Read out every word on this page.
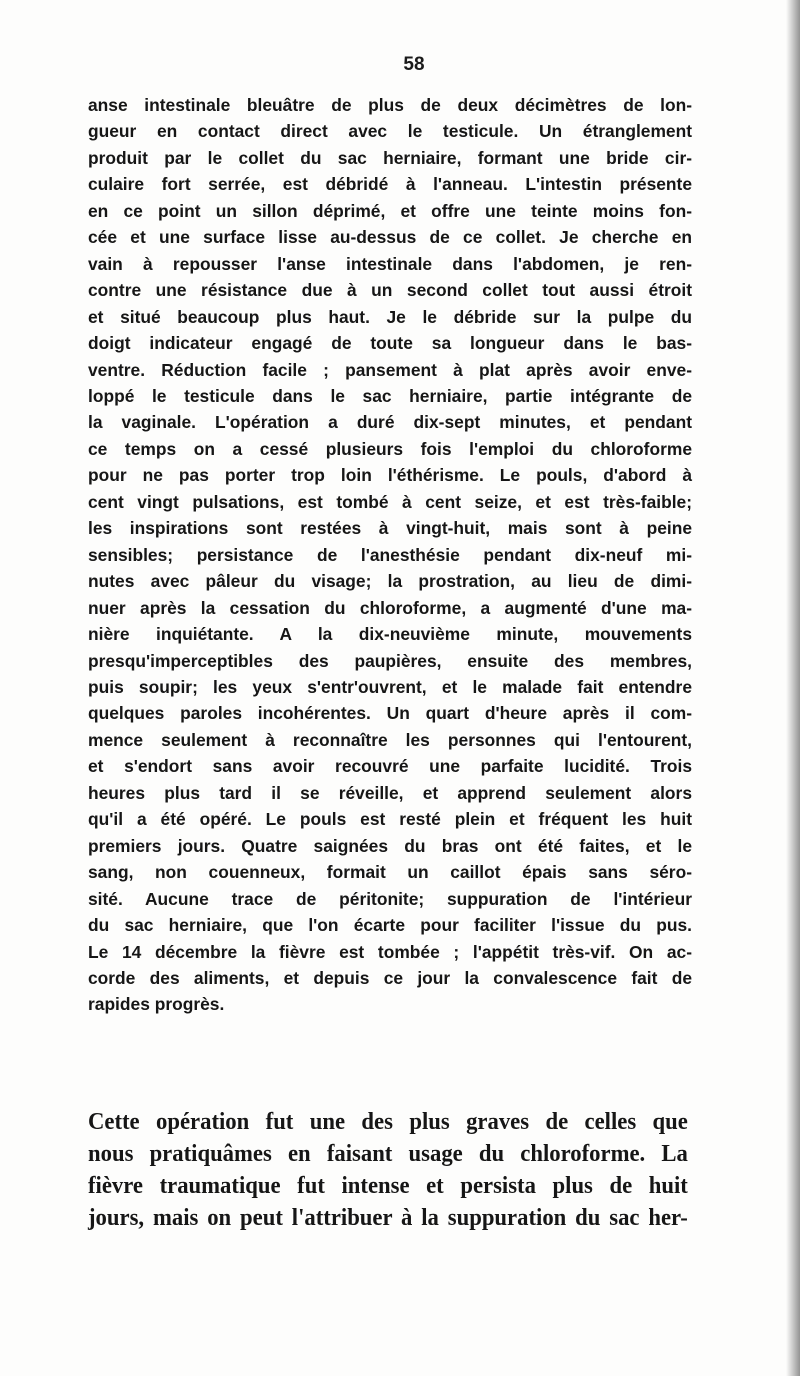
58
anse intestinale bleuâtre de plus de deux décimètres de lon-
gueur en contact direct avec le testicule. Un étranglement
produit par le collet du sac herniaire, formant une bride cir-
culaire fort serrée, est débridé à l'anneau. L'intestin présente
en ce point un sillon déprimé, et offre une teinte moins fon-
cée et une surface lisse au-dessus de ce collet. Je cherche en
vain à repousser l'anse intestinale dans l'abdomen, je ren-
contre une résistance due à un second collet tout aussi étroit
et situé beaucoup plus haut. Je le débride sur la pulpe du
doigt indicateur engagé de toute sa longueur dans le bas-
ventre. Réduction facile ; pansement à plat après avoir enve-
loppé le testicule dans le sac herniaire, partie intégrante de
la vaginale. L'opération a duré dix-sept minutes, et pendant
ce temps on a cessé plusieurs fois l'emploi du chloroforme
pour ne pas porter trop loin l'éthérisme. Le pouls, d'abord à
cent vingt pulsations, est tombé à cent seize, et est très-faible;
les inspirations sont restées à vingt-huit, mais sont à peine
sensibles; persistance de l'anesthésie pendant dix-neuf mi-
nutes avec pâleur du visage; la prostration, au lieu de dimi-
nuer après la cessation du chloroforme, a augmenté d'une ma-
nière inquiétante. A la dix-neuvième minute, mouvements
presqu'imperceptibles des paupières, ensuite des membres,
puis soupir; les yeux s'entr'ouvrent, et le malade fait entendre
quelques paroles incohérentes. Un quart d'heure après il com-
mence seulement à reconnaître les personnes qui l'entourent,
et s'endort sans avoir recouvré une parfaite lucidité. Trois
heures plus tard il se réveille, et apprend seulement alors
qu'il a été opéré. Le pouls est resté plein et fréquent les huit
premiers jours. Quatre saignées du bras ont été faites, et le
sang, non couenneux, formait un caillot épais sans séro-
sité. Aucune trace de péritonite; suppuration de l'intérieur
du sac herniaire, que l'on écarte pour faciliter l'issue du pus.
Le 14 décembre la fièvre est tombée ; l'appétit très-vif. On ac-
corde des aliments, et depuis ce jour la convalescence fait de
rapides progrès.
Cette opération fut une des plus graves de celles que
nous pratiquâmes en faisant usage du chloroforme. La
fièvre traumatique fut intense et persista plus de huit
jours, mais on peut l'attribuer à la suppuration du sac her-
